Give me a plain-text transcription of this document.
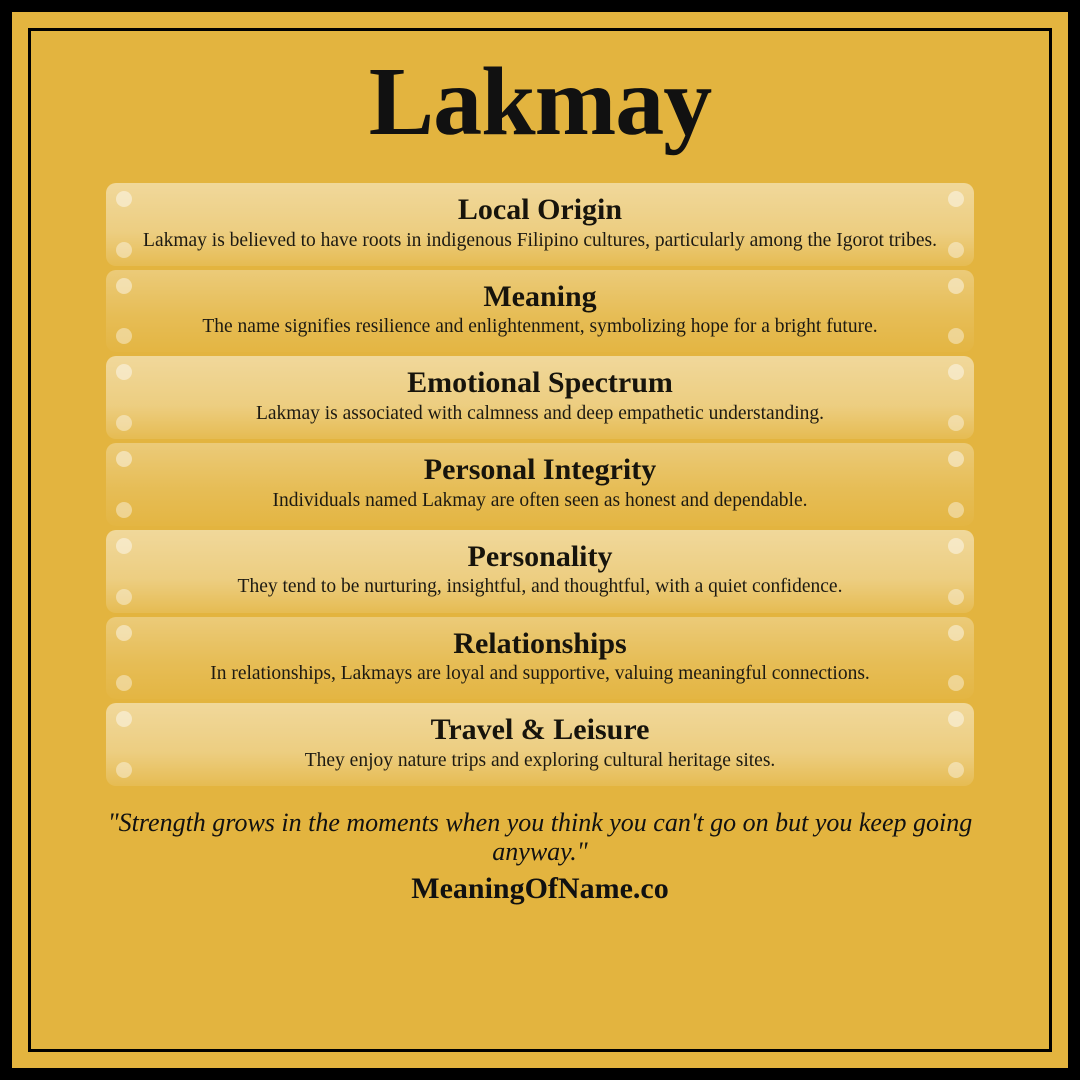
Lakmay
Local Origin
Lakmay is believed to have roots in indigenous Filipino cultures, particularly among the Igorot tribes.
Meaning
The name signifies resilience and enlightenment, symbolizing hope for a bright future.
Emotional Spectrum
Lakmay is associated with calmness and deep empathetic understanding.
Personal Integrity
Individuals named Lakmay are often seen as honest and dependable.
Personality
They tend to be nurturing, insightful, and thoughtful, with a quiet confidence.
Relationships
In relationships, Lakmays are loyal and supportive, valuing meaningful connections.
Travel & Leisure
They enjoy nature trips and exploring cultural heritage sites.
"Strength grows in the moments when you think you can't go on but you keep going
anyway."
MeaningOfName.co
